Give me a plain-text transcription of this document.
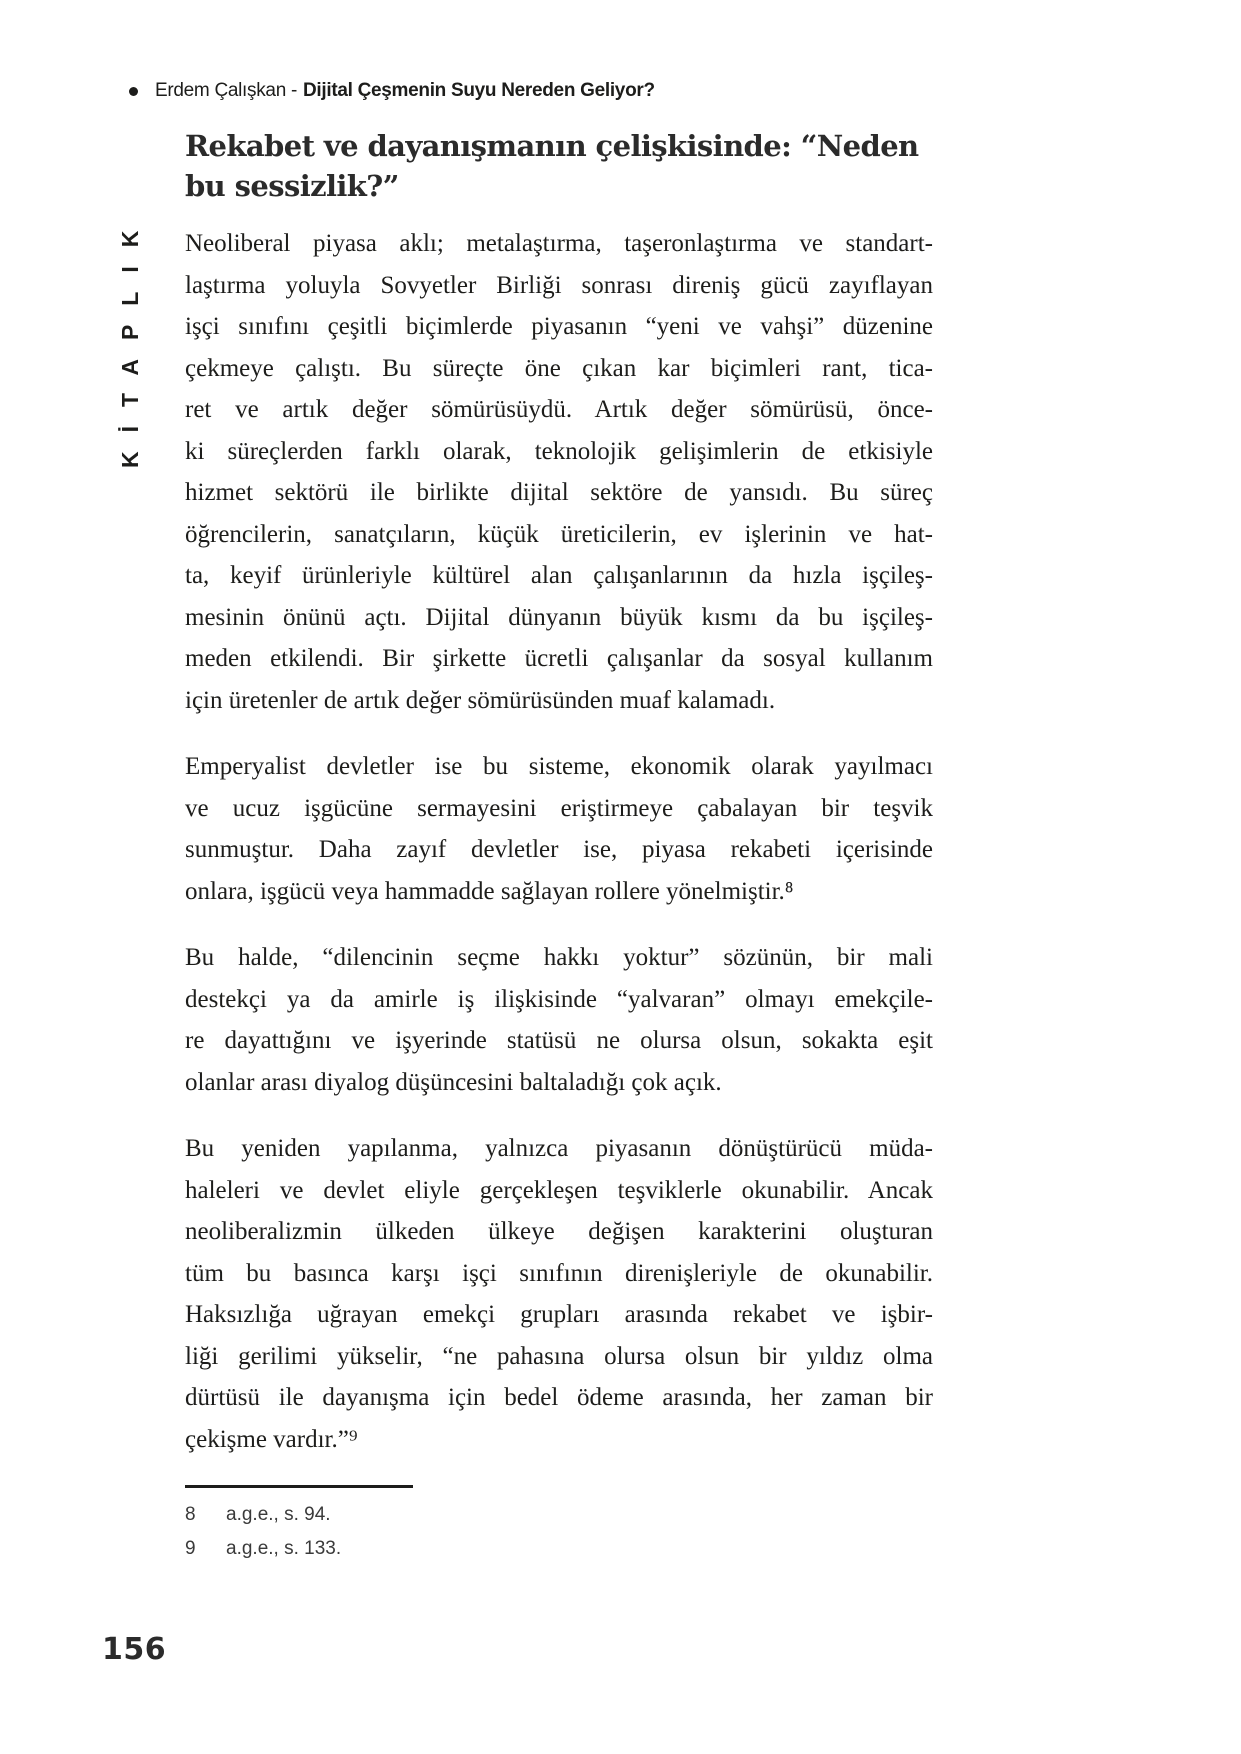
Erdem Çalışkan - Dijital Çeşmenin Suyu Nereden Geliyor?
KİTAPLIK
Rekabet ve dayanışmanın çelişkisinde: “Neden bu sessizlik?”
Neoliberal piyasa aklı; metalaştırma, taşeronlaştırma ve standart-
laştırma yoluyla Sovyetler Birliği sonrası direniş gücü zayıflayan
işçi sınıfını çeşitli biçimlerde piyasanın “yeni ve vahşi” düzenine
çekmeye çalıştı. Bu süreçte öne çıkan kar biçimleri rant, tica-
ret ve artık değer sömürüsüydü. Artık değer sömürüsü, önce-
ki süreçlerden farklı olarak, teknolojik gelişimlerin de etkisiyle
hizmet sektörü ile birlikte dijital sektöre de yansıdı. Bu süreç
öğrencilerin, sanatçıların, küçük üreticilerin, ev işlerinin ve hat-
ta, keyif ürünleriyle kültürel alan çalışanlarının da hızla işçileş-
mesinin önünü açtı. Dijital dünyanın büyük kısmı da bu işçileş-
meden etkilendi. Bir şirkette ücretli çalışanlar da sosyal kullanım
için üretenler de artık değer sömürüsünden muaf kalamadı.
Emperyalist devletler ise bu sisteme, ekonomik olarak yayılmacı
ve ucuz işgücüne sermayesini eriştirmeye çabalayan bir teşvik
sunmuştur. Daha zayıf devletler ise, piyasa rekabeti içerisinde
onlara, işgücü veya hammadde sağlayan rollere yönelmiştir.⁸
Bu halde, “dilencinin seçme hakkı yoktur” sözünün, bir mali
destekçi ya da amirle iş ilişkisinde “yalvaran” olmayı emekçile-
re dayattığını ve işyerinde statüsü ne olursa olsun, sokakta eşit
olanlar arası diyalog düşüncesini baltaladığı çok açık.
Bu yeniden yapılanma, yalnızca piyasanın dönüştürücü müda-
haleleri ve devlet eliyle gerçekleşen teşviklerle okunabilir. Ancak
neoliberalizmin ülkeden ülkeye değişen karakterini oluşturan
tüm bu basınca karşı işçi sınıfının direnişleriyle de okunabilir.
Haksızlığa uğrayan emekçi grupları arasında rekabet ve işbir-
liği gerilimi yükselir, “ne pahasına olursa olsun bir yıldız olma
dürtüsü ile dayanışma için bedel ödeme arasında, her zaman bir
çekişme vardır.”⁹
8	a.g.e., s. 94.
9	a.g.e., s. 133.
156
